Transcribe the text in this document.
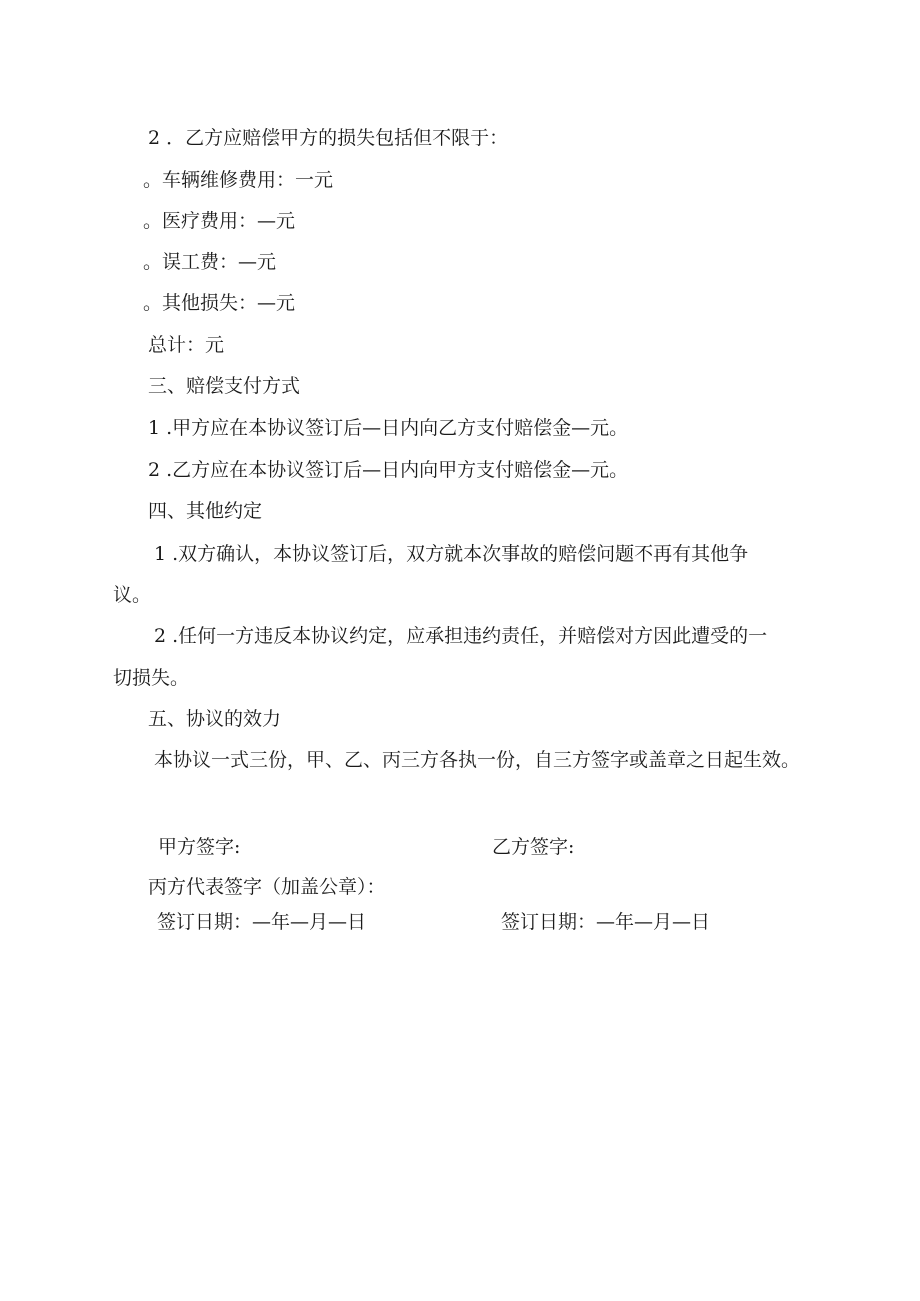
2 ．乙方应赔偿甲方的损失包括但不限于：
。车辆维修费用：一元
。医疗费用：—元
。误工费：—元
。其他损失：—元
总计：元
三、赔偿支付方式
1 .甲方应在本协议签订后—日内向乙方支付赔偿金—元。
2 .乙方应在本协议签订后—日内向甲方支付赔偿金—元。
四、其他约定
1 .双方确认，本协议签订后，双方就本次事故的赔偿问题不再有其他争
议。
2 .任何一方违反本协议约定，应承担违约责任，并赔偿对方因此遭受的一
切损失。
五、协议的效力
本协议一式三份，甲、乙、丙三方各执一份，自三方签字或盖章之日起生效。
甲方签字:	乙方签字:
丙方代表签字（加盖公章）：
签订日期：—年—月—日	签订日期：—年—月—日
